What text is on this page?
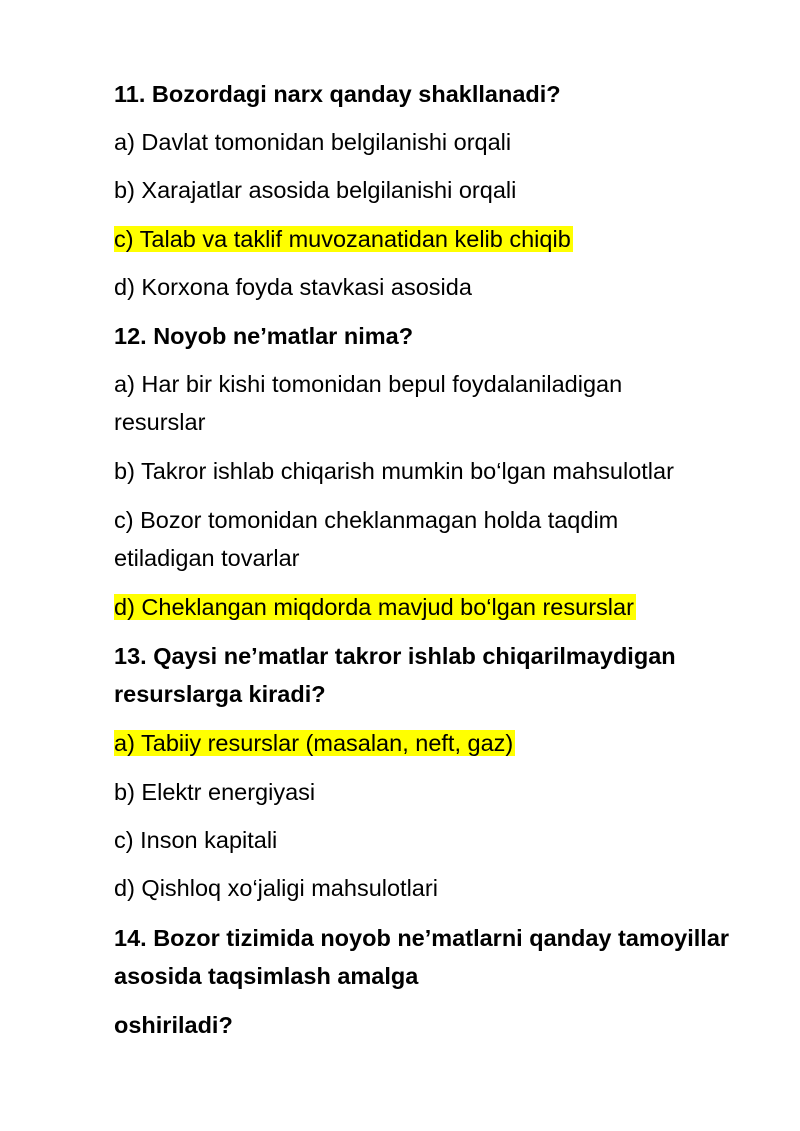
11. Bozordagi narx qanday shakllanadi?
a) Davlat tomonidan belgilanishi orqali
b) Xarajatlar asosida belgilanishi orqali
c) Talab va taklif muvozanatidan kelib chiqib
d) Korxona foyda stavkasi asosida
12. Noyob ne’matlar nima?
a) Har bir kishi tomonidan bepul foydalaniladigan
resurslar
b) Takror ishlab chiqarish mumkin bo‘lgan mahsulotlar
c) Bozor tomonidan cheklanmagan holda taqdim
etiladigan tovarlar
d) Cheklangan miqdorda mavjud bo‘lgan resurslar
13. Qaysi ne’matlar takror ishlab chiqarilmaydigan
resurslarga kiradi?
a) Tabiiy resurslar (masalan, neft, gaz)
b) Elektr energiyasi
c) Inson kapitali
d) Qishloq xo‘jaligi mahsulotlari
14. Bozor tizimida noyob ne’matlarni qanday tamoyillar
asosida taqsimlash amalga
oshiriladi?
